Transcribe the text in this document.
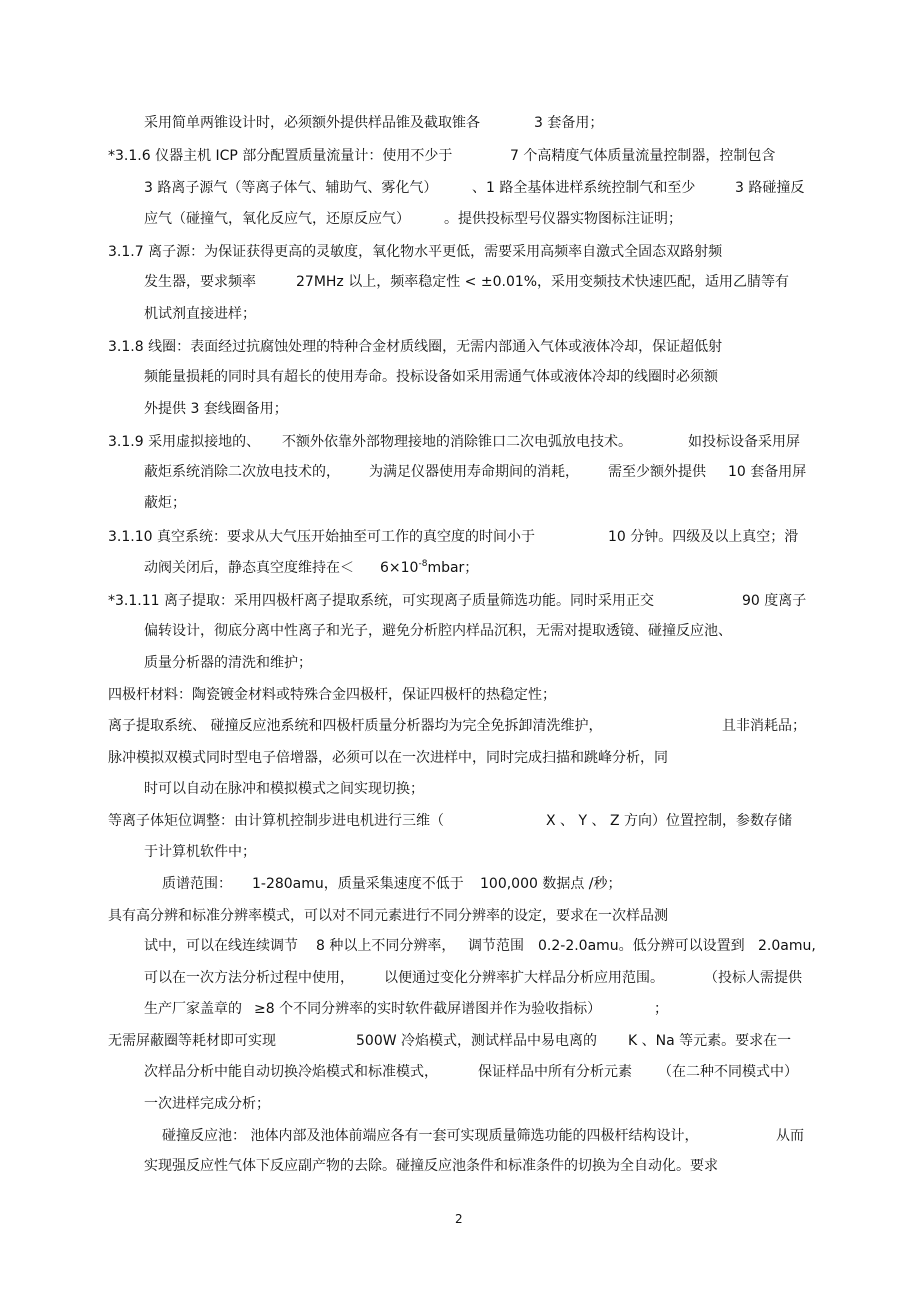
采用简单两锥设计时，必须额外提供样品锥及截取锥各	3 套备用；
*3.1.6 仪器主机 ICP 部分配置质量流量计：使用不少于	7 个高精度气体质量流量控制器，控制包含
3 路离子源气（等离子体气、辅助气、雾化气） 、1 路全基体进样系统控制气和至少	3 路碰撞反
应气（碰撞气，氧化反应气，还原反应气） 。提供投标型号仪器实物图标注证明；
3.1.7 离子源：为保证获得更高的灵敏度，氧化物水平更低，需要采用高频率自激式全固态双路射频
发生器，要求频率	27MHz 以上，频率稳定性 < ±0.01%，采用变频技术快速匹配，适用乙腈等有
机试剂直接进样；
3.1.8 线圈：表面经过抗腐蚀处理的特种合金材质线圈，无需内部通入气体或液体冷却，保证超低射
频能量损耗的同时具有超长的使用寿命。投标设备如采用需通气体或液体冷却的线圈时必须额
外提供 3 套线圈备用；
3.1.9 采用虚拟接地的、 不额外依靠外部物理接地的消除锥口二次电弧放电技术。	如投标设备采用屏
蔽炬系统消除二次放电技术的， 为满足仪器使用寿命期间的消耗， 需至少额外提供 10 套备用屏
蔽炬；
3.1.10 真空系统：要求从大气压开始抽至可工作的真空度的时间小于	10 分钟。四级及以上真空；滑
动阀关闭后，静态真空度维持在＜ $6\times 10^{-8}mbar$；
*3.1.11 离子提取：采用四极杆离子提取系统，可实现离子质量筛选功能。同时采用正交	90 度离子
偏转设计，彻底分离中性离子和光子，避免分析腔内样品沉积，无需对提取透镜、碰撞反应池、
质量分析器的清洗和维护；
四极杆材料：陶瓷镀金材料或特殊合金四极杆，保证四极杆的热稳定性；
离子提取系统、 碰撞反应池系统和四极杆质量分析器均为完全免拆卸清洗维护，	且非消耗品；
脉冲模拟双模式同时型电子倍增器，必须可以在一次进样中，同时完成扫描和跳峰分析，同
时可以自动在脉冲和模拟模式之间实现切换；
等离子体矩位调整：由计算机控制步进电机进行三维（	X 、 Y 、 Z 方向）位置控制，参数存储
于计算机软件中；
质谱范围： 1-280amu，质量采集速度不低于 100,000 数据点 /秒；
具有高分辨和标准分辨率模式，可以对不同元素进行不同分辨率的设定，要求在一次样品测
试中，可以在线连续调节 8 种以上不同分辨率， 调节范围 0.2-2.0amu。低分辨可以设置到 2.0amu,
可以在一次方法分析过程中使用， 以便通过变化分辨率扩大样品分析应用范围。	（投标人需提供
生产厂家盖章的 ≥8 个不同分辨率的实时软件截屏谱图并作为验收指标）	；
无需屏蔽圈等耗材即可实现	500W 冷焰模式，测试样品中易电离的 K 、Na 等元素。要求在一
次样品分析中能自动切换冷焰模式和标准模式，	保证样品中所有分析元素 （在二种不同模式中）
一次进样完成分析；
碰撞反应池： 池体内部及池体前端应各有一套可实现质量筛选功能的四极杆结构设计，	从而
实现强反应性气体下反应副产物的去除。碰撞反应池条件和标准条件的切换为全自动化。要求
2
